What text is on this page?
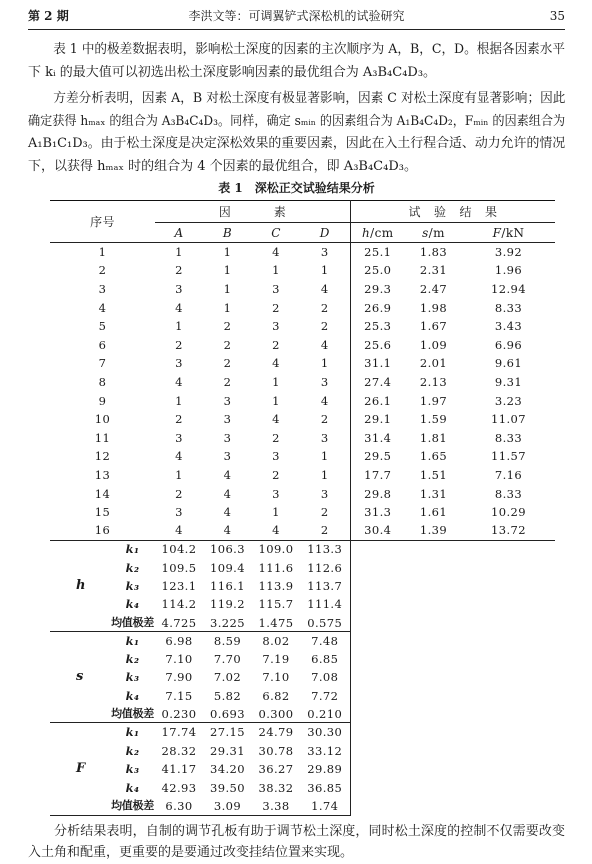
第 2 期	李洪文等：可调翼铲式深松机的试验研究	35
表 1 中的极差数据表明，影响松土深度的因素的主次顺序为 A，B，C，D。根据各因素水平
下 kᵢ 的最大值可以初选出松土深度影响因素的最优组合为 A₃B₄C₄D₃。
方差分析表明，因素 A，B 对松土深度有极显著影响，因素 C 对松土深度有显著影响；因此
确定获得 hₘₐₓ 的组合为 A₃B₄C₄D₃。同样，确定 sₘᵢₙ 的因素组合为 A₁B₄C₄D₂，Fₘᵢₙ 的因素组合为
A₁B₁C₁D₃。由于松土深度是决定深松效果的重要因素，因此在入土行程合适、动力允许的情况
下，以获得 hₘₐₓ 时的组合为 4 个因素的最优组合，即 A₃B₄C₄D₃。
表 1　深松正交试验结果分析
序号		因素				试验结果		
		A	B	C	D	h/cm	s/m	F/kN
1		1	1	4	3	25.1	1.83	3.92
2		2	1	1	1	25.0	2.31	1.96
3		3	1	3	4	29.3	2.47	12.94
4		4	1	2	2	26.9	1.98	8.33
5		1	2	3	2	25.3	1.67	3.43
6		2	2	2	4	25.6	1.09	6.96
7		3	2	4	1	31.1	2.01	9.61
8		4	2	1	3	27.4	2.13	9.31
9		1	3	1	4	26.1	1.97	3.23
10		2	3	4	2	29.1	1.59	11.07
11		3	3	2	3	31.4	1.81	8.33
12		4	3	3	1	29.5	1.65	11.57
13		1	4	2	1	17.7	1.51	7.16
14		2	4	3	3	29.8	1.31	8.33
15		3	4	1	2	31.3	1.61	10.29
16		4	4	4	2	30.4	1.39	13.72
h	k₁	104.2	106.3	109.0	113.3			
	k₂	109.5	109.4	111.6	112.6			
	k₃	123.1	116.1	113.9	113.7			
	k₄	114.2	119.2	115.7	111.4			
	均值极差	4.725	3.225	1.475	0.575			
s	k₁	6.98	8.59	8.02	7.48			
	k₂	7.10	7.70	7.19	6.85			
	k₃	7.90	7.02	7.10	7.08			
	k₄	7.15	5.82	6.82	7.72			
	均值极差	0.230	0.693	0.300	0.210			
F	k₁	17.74	27.15	24.79	30.30			
	k₂	28.32	29.31	30.78	33.12			
	k₃	41.17	34.20	36.27	29.89			
	k₄	42.93	39.50	38.32	36.85			
	均值极差	6.30	3.09	3.38	1.74			
分析结果表明，自制的调节孔板有助于调节松土深度，同时松土深度的控制不仅需要改变
入土角和配重，更重要的是要通过改变挂结位置来实现。
